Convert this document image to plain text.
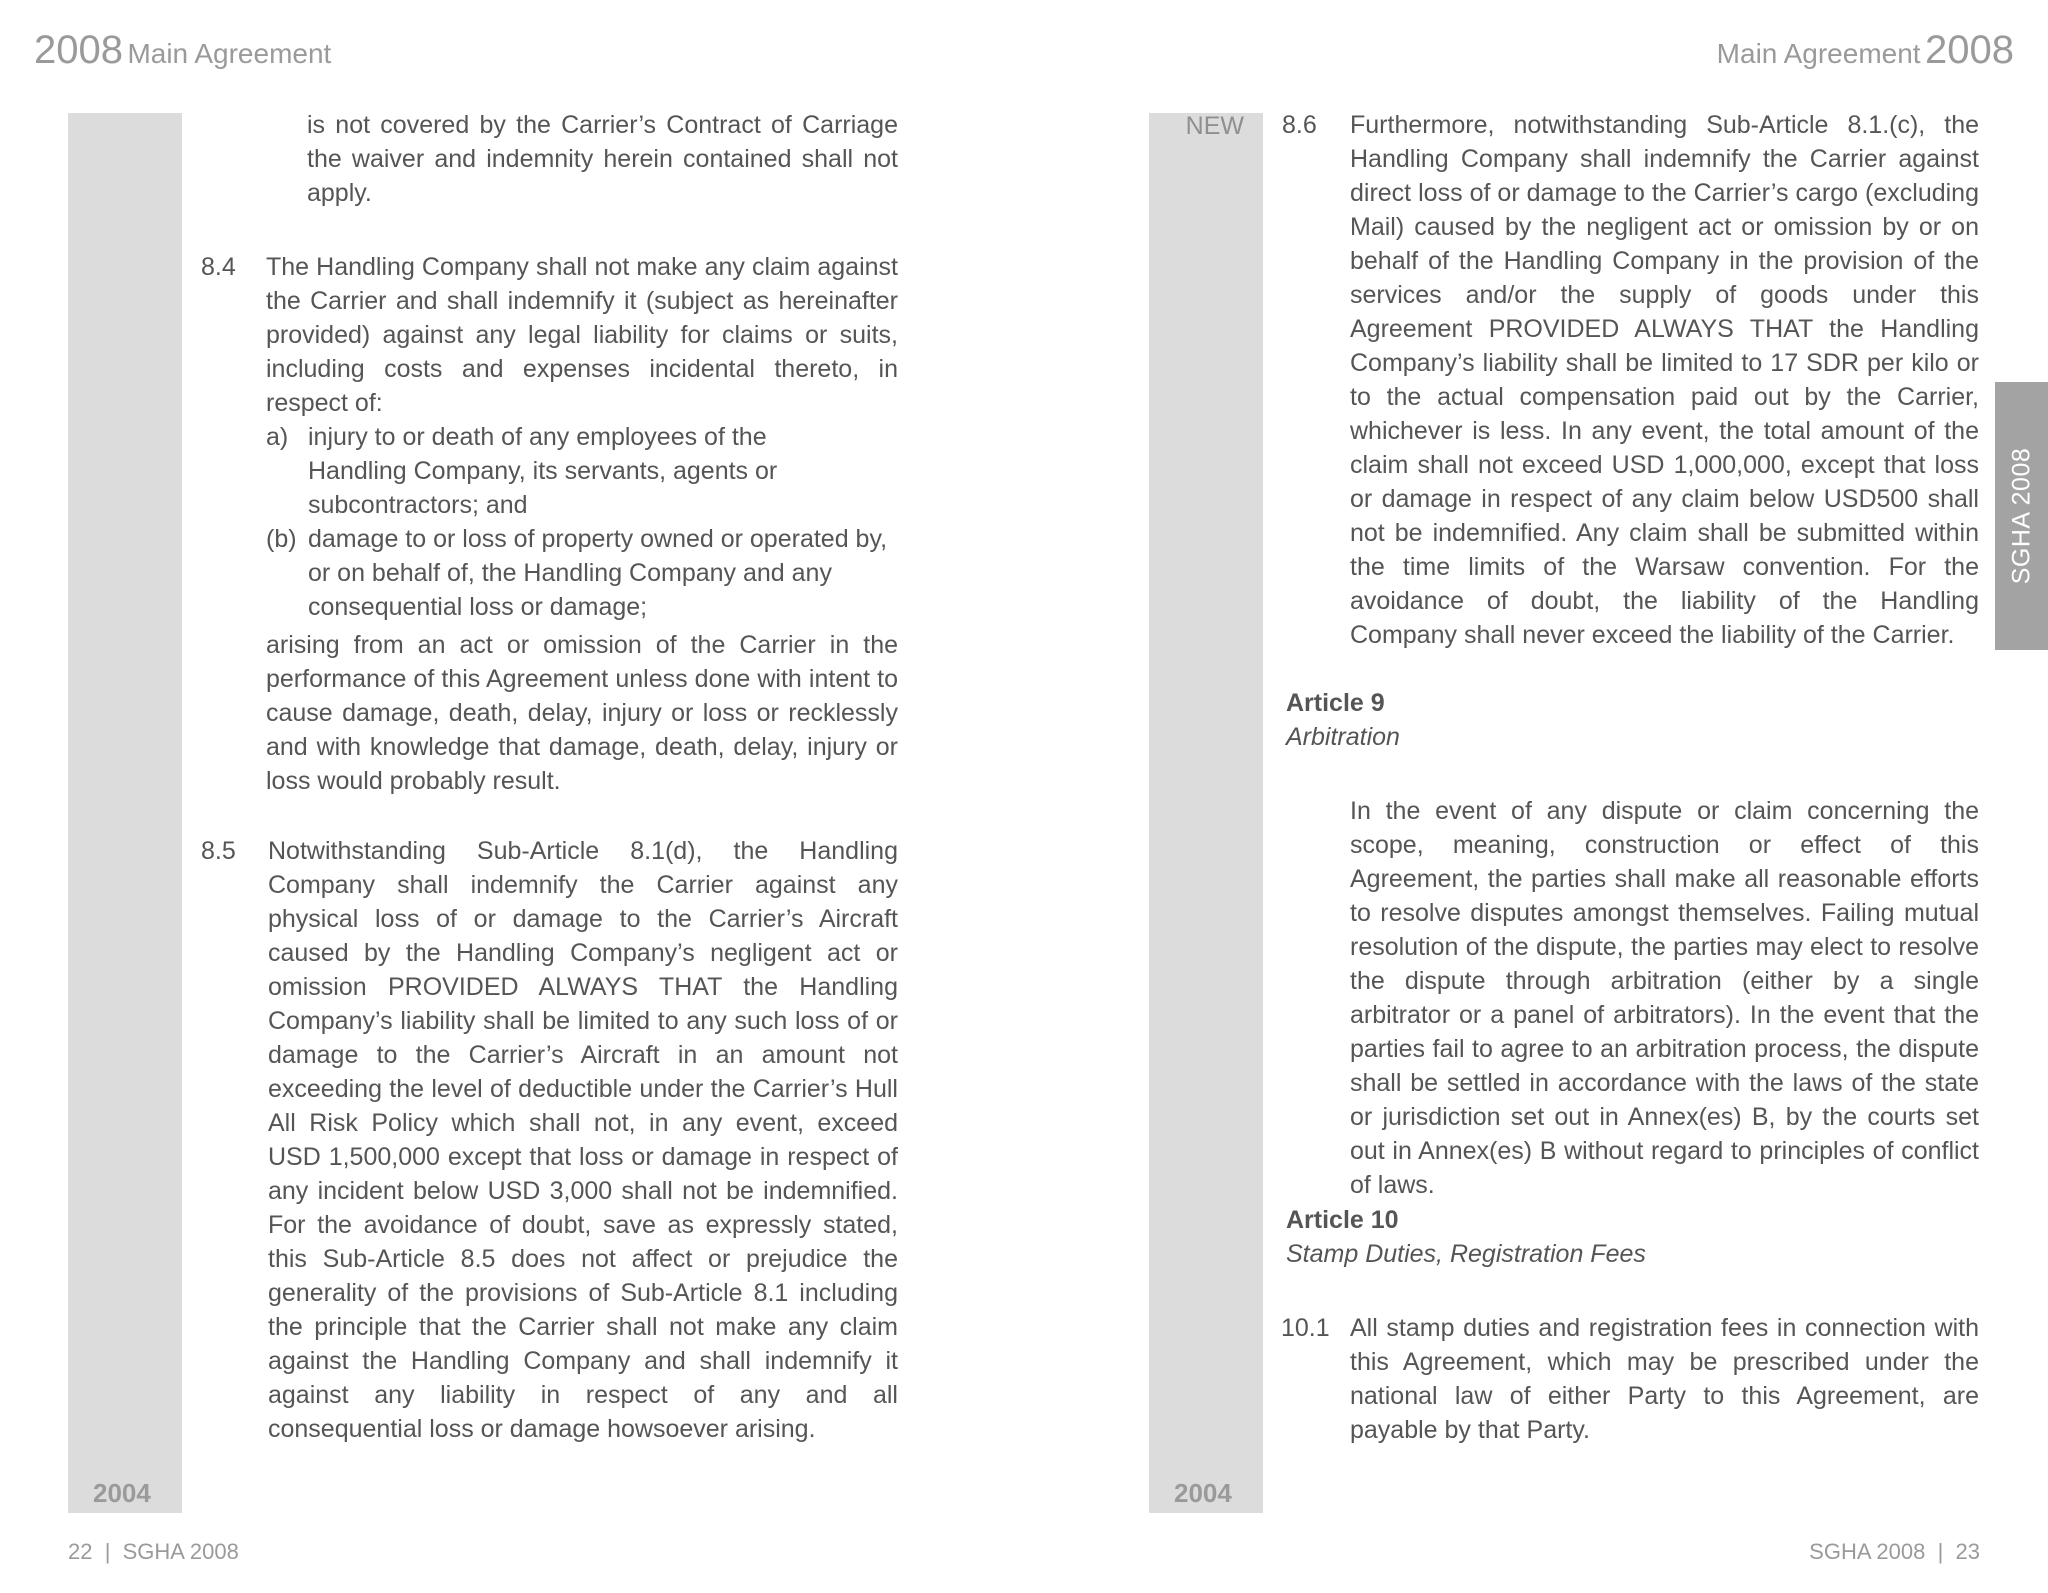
2008 Main Agreement	Main Agreement 2008
NEW
2004	2004
SGHA 2008
is not covered by the Carrier’s Contract of Carriage the waiver and indemnity herein contained shall not apply.
8.4 The Handling Company shall not make any claim against the Carrier and shall indemnify it (subject as hereinafter provided) against any legal liability for claims or suits, including costs and expenses incidental thereto, in respect of:
a) injury to or death of any employees of the Handling Company, its servants, agents or subcontractors; and
(b) damage to or loss of property owned or operated by, or on behalf of, the Handling Company and any consequential loss or damage;
arising from an act or omission of the Carrier in the performance of this Agreement unless done with intent to cause damage, death, delay, injury or loss or recklessly and with knowledge that damage, death, delay, injury or loss would probably result.
8.5 Notwithstanding Sub-Article 8.1(d), the Handling Company shall indemnify the Carrier against any physical loss of or damage to the Carrier’s Aircraft caused by the Handling Company’s negligent act or omission PROVIDED ALWAYS THAT the Handling Company’s liability shall be limited to any such loss of or damage to the Carrier’s Aircraft in an amount not exceeding the level of deductible under the Carrier’s Hull All Risk Policy which shall not, in any event, exceed USD 1,500,000 except that loss or damage in respect of any incident below USD 3,000 shall not be indemnified. For the avoidance of doubt, save as expressly stated, this Sub-Article 8.5 does not affect or prejudice the generality of the provisions of Sub-Article 8.1 including the principle that the Carrier shall not make any claim against the Handling Company and shall indemnify it against any liability in respect of any and all consequential loss or damage howsoever arising.
8.6 Furthermore, notwithstanding Sub-Article 8.1.(c), the Handling Company shall indemnify the Carrier against direct loss of or damage to the Carrier’s cargo (excluding Mail) caused by the negligent act or omission by or on behalf of the Handling Company in the provision of the services and/or the supply of goods under this Agreement PROVIDED ALWAYS THAT the Handling Company’s liability shall be limited to 17 SDR per kilo or to the actual compensation paid out by the Carrier, whichever is less. In any event, the total amount of the claim shall not exceed USD 1,000,000, except that loss or damage in respect of any claim below USD500 shall not be indemnified. Any claim shall be submitted within the time limits of the Warsaw convention. For the avoidance of doubt, the liability of the Handling Company shall never exceed the liability of the Carrier.
Article 9
Arbitration
In the event of any dispute or claim concerning the scope, meaning, construction or effect of this Agreement, the parties shall make all reasonable efforts to resolve disputes amongst themselves. Failing mutual resolution of the dispute, the parties may elect to resolve the dispute through arbitration (either by a single arbitrator or a panel of arbitrators). In the event that the parties fail to agree to an arbitration process, the dispute shall be settled in accordance with the laws of the state or jurisdiction set out in Annex(es) B, by the courts set out in Annex(es) B without regard to principles of conflict of laws.
Article 10
Stamp Duties, Registration Fees
10.1 All stamp duties and registration fees in connection with this Agreement, which may be prescribed under the national law of either Party to this Agreement, are payable by that Party.
22  |  SGHA 2008	SGHA 2008  |  23
